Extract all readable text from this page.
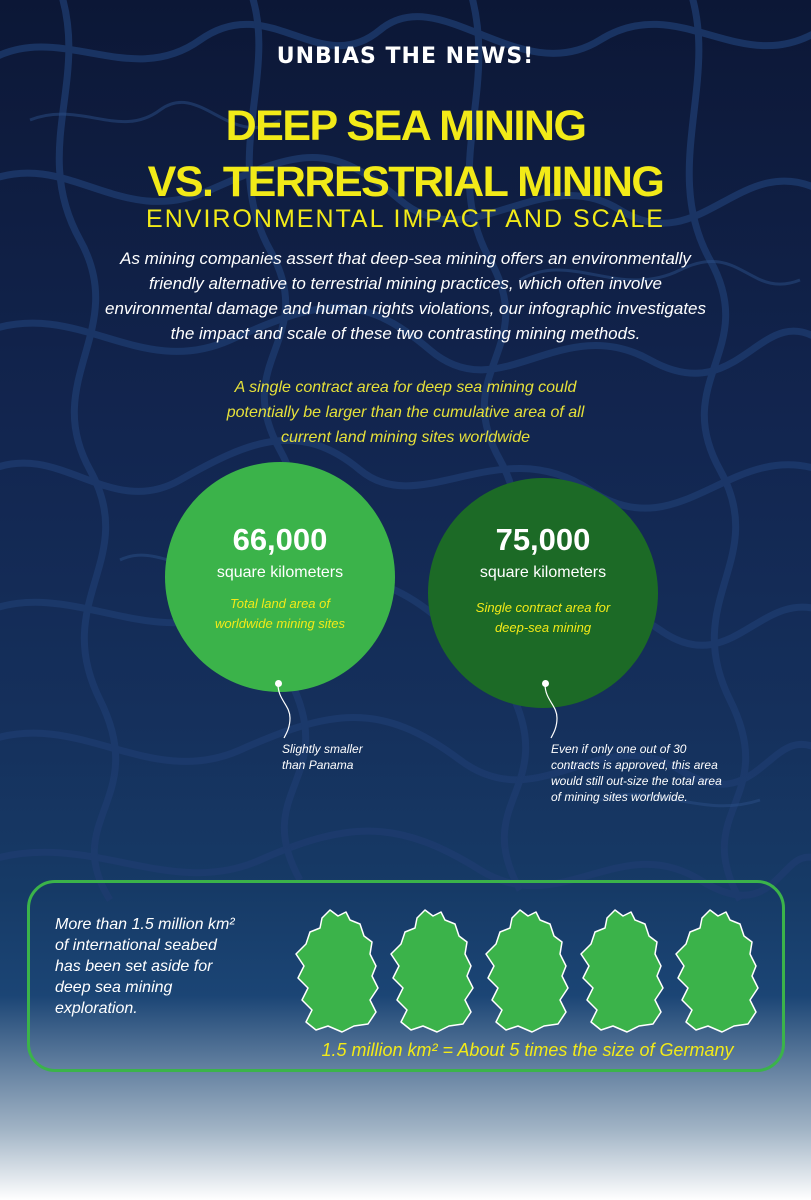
UNBIAS THE NEWS!
DEEP SEA MINING
VS. TERRESTRIAL MINING
ENVIRONMENTAL IMPACT AND SCALE
As mining companies assert that deep-sea mining offers an environmentally
friendly alternative to terrestrial mining practices, which often involve
environmental damage and human rights violations, our infographic investigates
the impact and scale of these two contrasting mining methods.
A single contract area for deep sea mining could
potentially be larger than the cumulative area of all
current land mining sites worldwide
66,000
square kilometers
Total land area of
worldwide mining sites
75,000
square kilometers
Single contract area for
deep-sea mining
Slightly smaller
than Panama
Even if only one out of 30
contracts is approved, this area
would still out-size the total area
of mining sites worldwide.
More than 1.5 million km²
of international seabed
has been set aside for
deep sea mining
exploration.
1.5 million km² = About 5 times the size of Germany
